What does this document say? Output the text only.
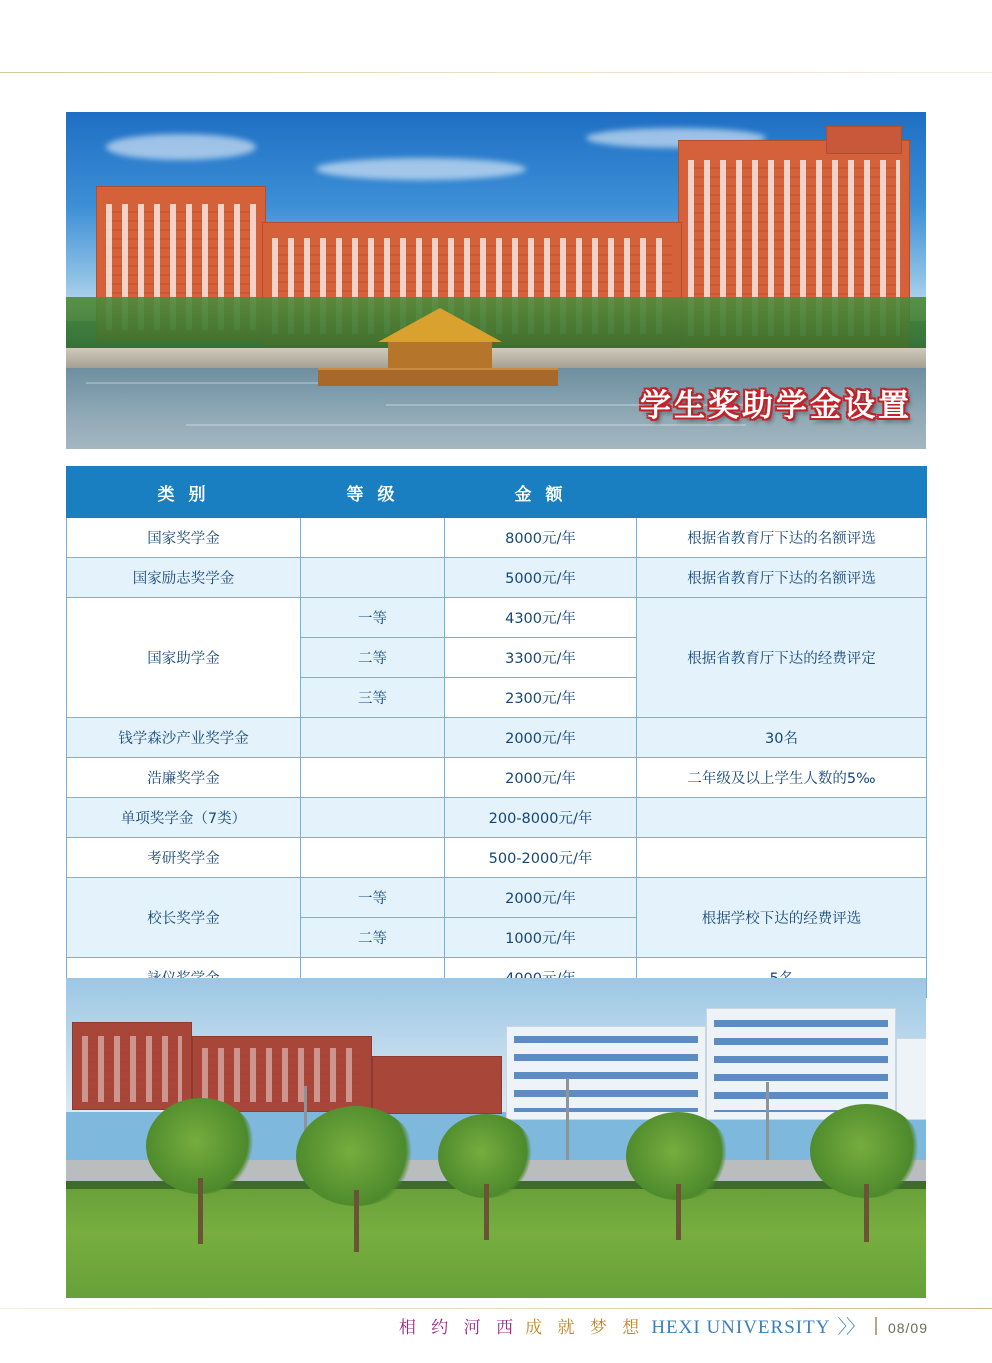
学生奖助学金设置
类 别	等 级	金 额	
国家奖学金		8000元/年	根据省教育厅下达的名额评选
国家励志奖学金		5000元/年	根据省教育厅下达的名额评选
国家助学金	一等	4300元/年	根据省教育厅下达的经费评定
	二等	3300元/年	
	三等	2300元/年	
钱学森沙产业奖学金		2000元/年	30名
浩廉奖学金		2000元/年	二年级及以上学生人数的5‰
单项奖学金（7类）		200-8000元/年	
考研奖学金		500-2000元/年	
校长奖学金	一等	2000元/年	根据学校下达的经费评选
	二等	1000元/年	

相 约 河 西 成 就 梦 想 HEXI UNIVERSITY 〉〉 08/09
